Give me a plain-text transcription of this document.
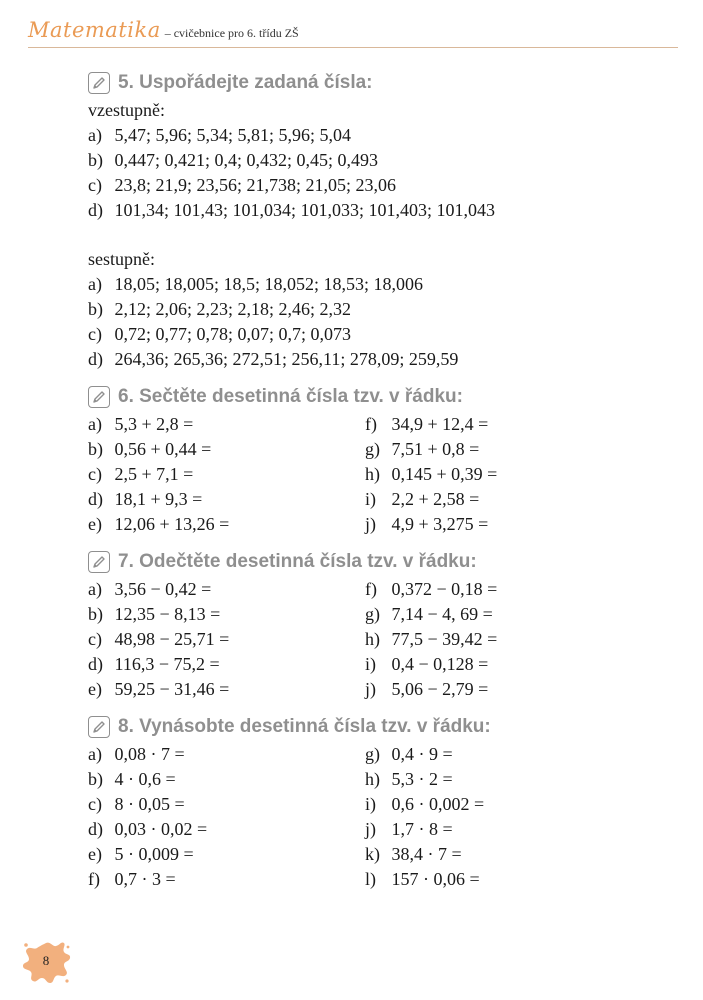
Matematika – cvičebnice pro 6. třídu ZŠ
5. Uspořádejte zadaná čísla:
vzestupně:
a) 5,47; 5,96; 5,34; 5,81; 5,96; 5,04
b) 0,447; 0,421; 0,4; 0,432; 0,45; 0,493
c) 23,8; 21,9; 23,56; 21,738; 21,05; 23,06
d) 101,34; 101,43; 101,034; 101,033; 101,403; 101,043
sestupně:
a) 18,05; 18,005; 18,5; 18,052; 18,53; 18,006
b) 2,12; 2,06; 2,23; 2,18; 2,46; 2,32
c) 0,72; 0,77; 0,78; 0,07; 0,7; 0,073
d) 264,36; 265,36; 272,51; 256,11; 278,09; 259,59
6. Sečtěte desetinná čísla tzv. v řádku:
a) 5,3 + 2,8 =	f) 34,9 + 12,4 =
b) 0,56 + 0,44 =	g) 7,51 + 0,8 =
c) 2,5 + 7,1 =	h) 0,145 + 0,39 =
d) 18,1 + 9,3 =	i) 2,2 + 2,58 =
e) 12,06 + 13,26 =	j) 4,9 + 3,275 =
7. Odečtěte desetinná čísla tzv. v řádku:
a) 3,56 − 0,42 =	f) 0,372 − 0,18 =
b) 12,35 − 8,13 =	g) 7,14 − 4, 69 =
c) 48,98 − 25,71 =	h) 77,5 − 39,42 =
d) 116,3 − 75,2 =	i) 0,4 − 0,128 =
e) 59,25 − 31,46 =	j) 5,06 − 2,79 =
8. Vynásobte desetinná čísla tzv. v řádku:
a) 0,08 · 7 =	g) 0,4 · 9 =
b) 4 · 0,6 =	h) 5,3 · 2 =
c) 8 · 0,05 =	i) 0,6 · 0,002 =
d) 0,03 · 0,02 =	j) 1,7 · 8 =
e) 5 · 0,009 =	k) 38,4 · 7 =
f) 0,7 · 3 =	l) 157 · 0,06 =
8
